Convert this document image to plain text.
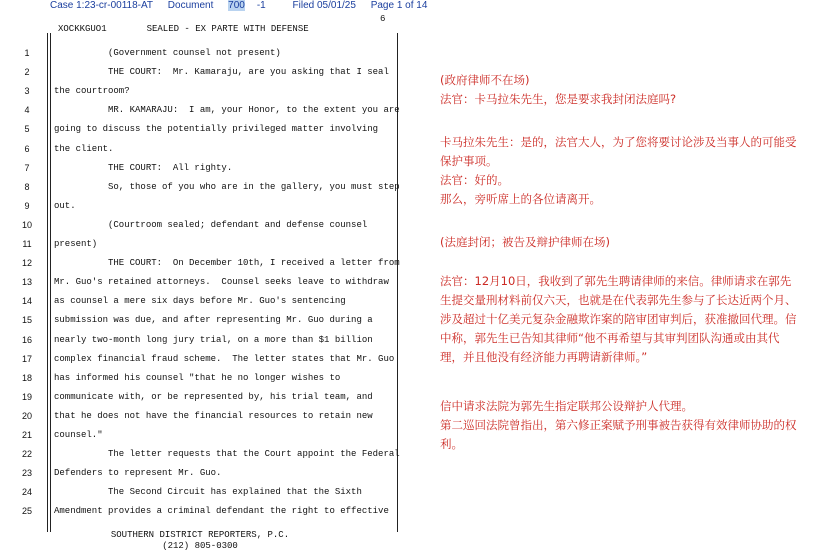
Case 1:23-cr-00118-AT Document 700 -1	Filed 05/01/25 Page 1 of 14
6
XOCKKGUO1	SEALED - EX PARTE WITH DEFENSE
1
2
3
4
5
6
7
8
9
10
11
12
13
14
15
16
17
18
19
20
21
22
23
24
25
(Government counsel not present)
THE COURT:  Mr. Kamaraju, are you asking that I seal
the courtroom?
MR. KAMARAJU:  I am, your Honor, to the extent you are
going to discuss the potentially privileged matter involving
the client.
THE COURT:  All righty.
So, those of you who are in the gallery, you must step
out.
(Courtroom sealed; defendant and defense counsel
present)
THE COURT:  On December 10th, I received a letter from
Mr. Guo's retained attorneys.  Counsel seeks leave to withdraw
as counsel a mere six days before Mr. Guo's sentencing
submission was due, and after representing Mr. Guo during a
nearly two-month long jury trial, on a more than $1 billion
complex financial fraud scheme.  The letter states that Mr. Guo
has informed his counsel "that he no longer wishes to
communicate with, or be represented by, his trial team, and
that he does not have the financial resources to retain new
counsel."
The letter requests that the Court appoint the Federal
Defenders to represent Mr. Guo.
The Second Circuit has explained that the Sixth
Amendment provides a criminal defendant the right to effective
SOUTHERN DISTRICT REPORTERS, P.C.
(212) 805-0300
(政府律师不在场)
法官：卡马拉朱先生，您是要求我封闭法庭吗?
卡马拉朱先生：是的，法官大人，为了您将要讨论涉及当事人的可能受
保护事项。
法官：好的。
那么，旁听席上的各位请离开。
(法庭封闭；被告及辩护律师在场)
法官：12月10日，我收到了郭先生聘请律师的来信。律师请求在郭先
生提交量刑材料前仅六天，也就是在代表郭先生参与了长达近两个月、
涉及超过十亿美元复杂金融欺诈案的陪审团审判后，获准撤回代理。信
中称，郭先生已告知其律师“他不再希望与其审判团队沟通或由其代
理，并且他没有经济能力再聘请新律师。”
信中请求法院为郭先生指定联邦公设辩护人代理。
第二巡回法院曾指出，第六修正案赋予刑事被告获得有效律师协助的权
利。
